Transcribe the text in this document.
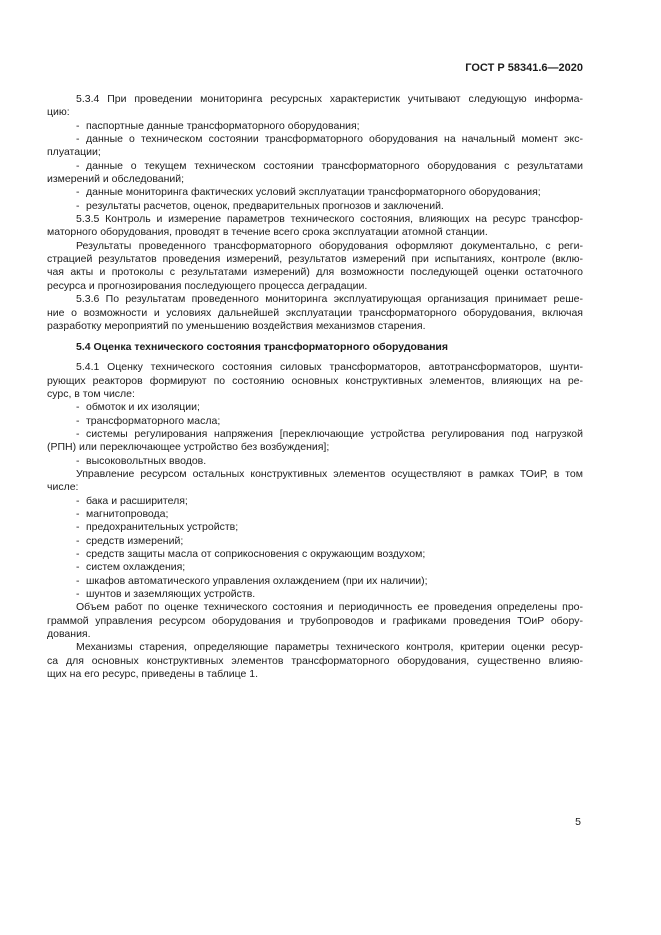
ГОСТ Р 58341.6—2020
5.3.4 При проведении мониторинга ресурсных характеристик учитывают следующую информа-
цию:
- паспортные данные трансформаторного оборудования;
- данные о техническом состоянии трансформаторного оборудования на начальный момент экс-
плуатации;
- данные о текущем техническом состоянии трансформаторного оборудования с результатами
измерений и обследований;
- данные мониторинга фактических условий эксплуатации трансформаторного оборудования;
- результаты расчетов, оценок, предварительных прогнозов и заключений.
5.3.5 Контроль и измерение параметров технического состояния, влияющих на ресурс трансфор-
маторного оборудования, проводят в течение всего срока эксплуатации атомной станции.
Результаты проведенного трансформаторного оборудования оформляют документально, с реги-
страцией результатов проведения измерений, результатов измерений при испытаниях, контроле (вклю-
чая акты и протоколы с результатами измерений) для возможности последующей оценки остаточного
ресурса и прогнозирования последующего процесса деградации.
5.3.6 По результатам проведенного мониторинга эксплуатирующая организация принимает реше-
ние о возможности и условиях дальнейшей эксплуатации трансформаторного оборудования, включая
разработку мероприятий по уменьшению воздействия механизмов старения.
5.4 Оценка технического состояния трансформаторного оборудования
5.4.1 Оценку технического состояния силовых трансформаторов, автотрансформаторов, шунти-
рующих реакторов формируют по состоянию основных конструктивных элементов, влияющих на ре-
сурс, в том числе:
- обмоток и их изоляции;
- трансформаторного масла;
- системы регулирования напряжения [переключающие устройства регулирования под нагрузкой
(РПН) или переключающее устройство без возбуждения];
- высоковольтных вводов.
Управление ресурсом остальных конструктивных элементов осуществляют в рамках ТОиР, в том
числе:
- бака и расширителя;
- магнитопровода;
- предохранительных устройств;
- средств измерений;
- средств защиты масла от соприкосновения с окружающим воздухом;
- систем охлаждения;
- шкафов автоматического управления охлаждением (при их наличии);
- шунтов и заземляющих устройств.
Объем работ по оценке технического состояния и периодичность ее проведения определены про-
граммой управления ресурсом оборудования и трубопроводов и графиками проведения ТОиР обору-
дования.
Механизмы старения, определяющие параметры технического контроля, критерии оценки ресур-
са для основных конструктивных элементов трансформаторного оборудования, существенно влияю-
щих на его ресурс, приведены в таблице 1.
5
